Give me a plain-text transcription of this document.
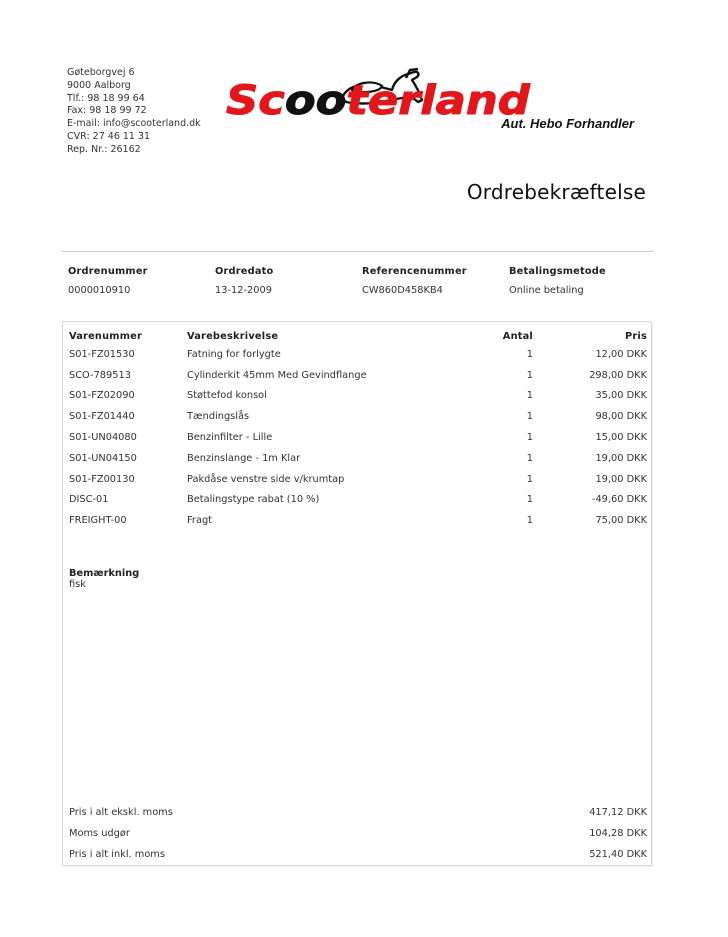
Gøteborgvej 6
9000 Aalborg
Tlf.: 98 18 99 64
Fax: 98 18 99 72
E-mail: info@scooterland.dk
CVR: 27 46 11 31
Rep. Nr.: 26162
Scooterland
Aut. Hebo Forhandler
Ordrebekræftelse
Ordrenummer
0000010910
Ordredato
13-12-2009
Referencenummer
CW860D458KB4
Betalingsmetode
Online betaling
Varenummer	Varebeskrivelse	Antal	Pris
S01-FZ01530	Fatning for forlygte	1	12,00 DKK
SCO-789513	Cylinderkit 45mm Med Gevindflange	1	298,00 DKK
S01-FZ02090	Støttefod konsol	1	35,00 DKK
S01-FZ01440	Tændingslås	1	98,00 DKK
S01-UN04080	Benzinfilter - Lille	1	15,00 DKK
S01-UN04150	Benzinslange - 1m Klar	1	19,00 DKK
S01-FZ00130	Pakdåse venstre side v/krumtap	1	19,00 DKK
DISC-01	Betalingstype rabat (10 %)	1	-49,60 DKK
FREIGHT-00	Fragt	1	75,00 DKK
Bemærkning
fisk
Pris i alt ekskl. moms	417,12 DKK
Moms udgør	104,28 DKK
Pris i alt inkl. moms	521,40 DKK
